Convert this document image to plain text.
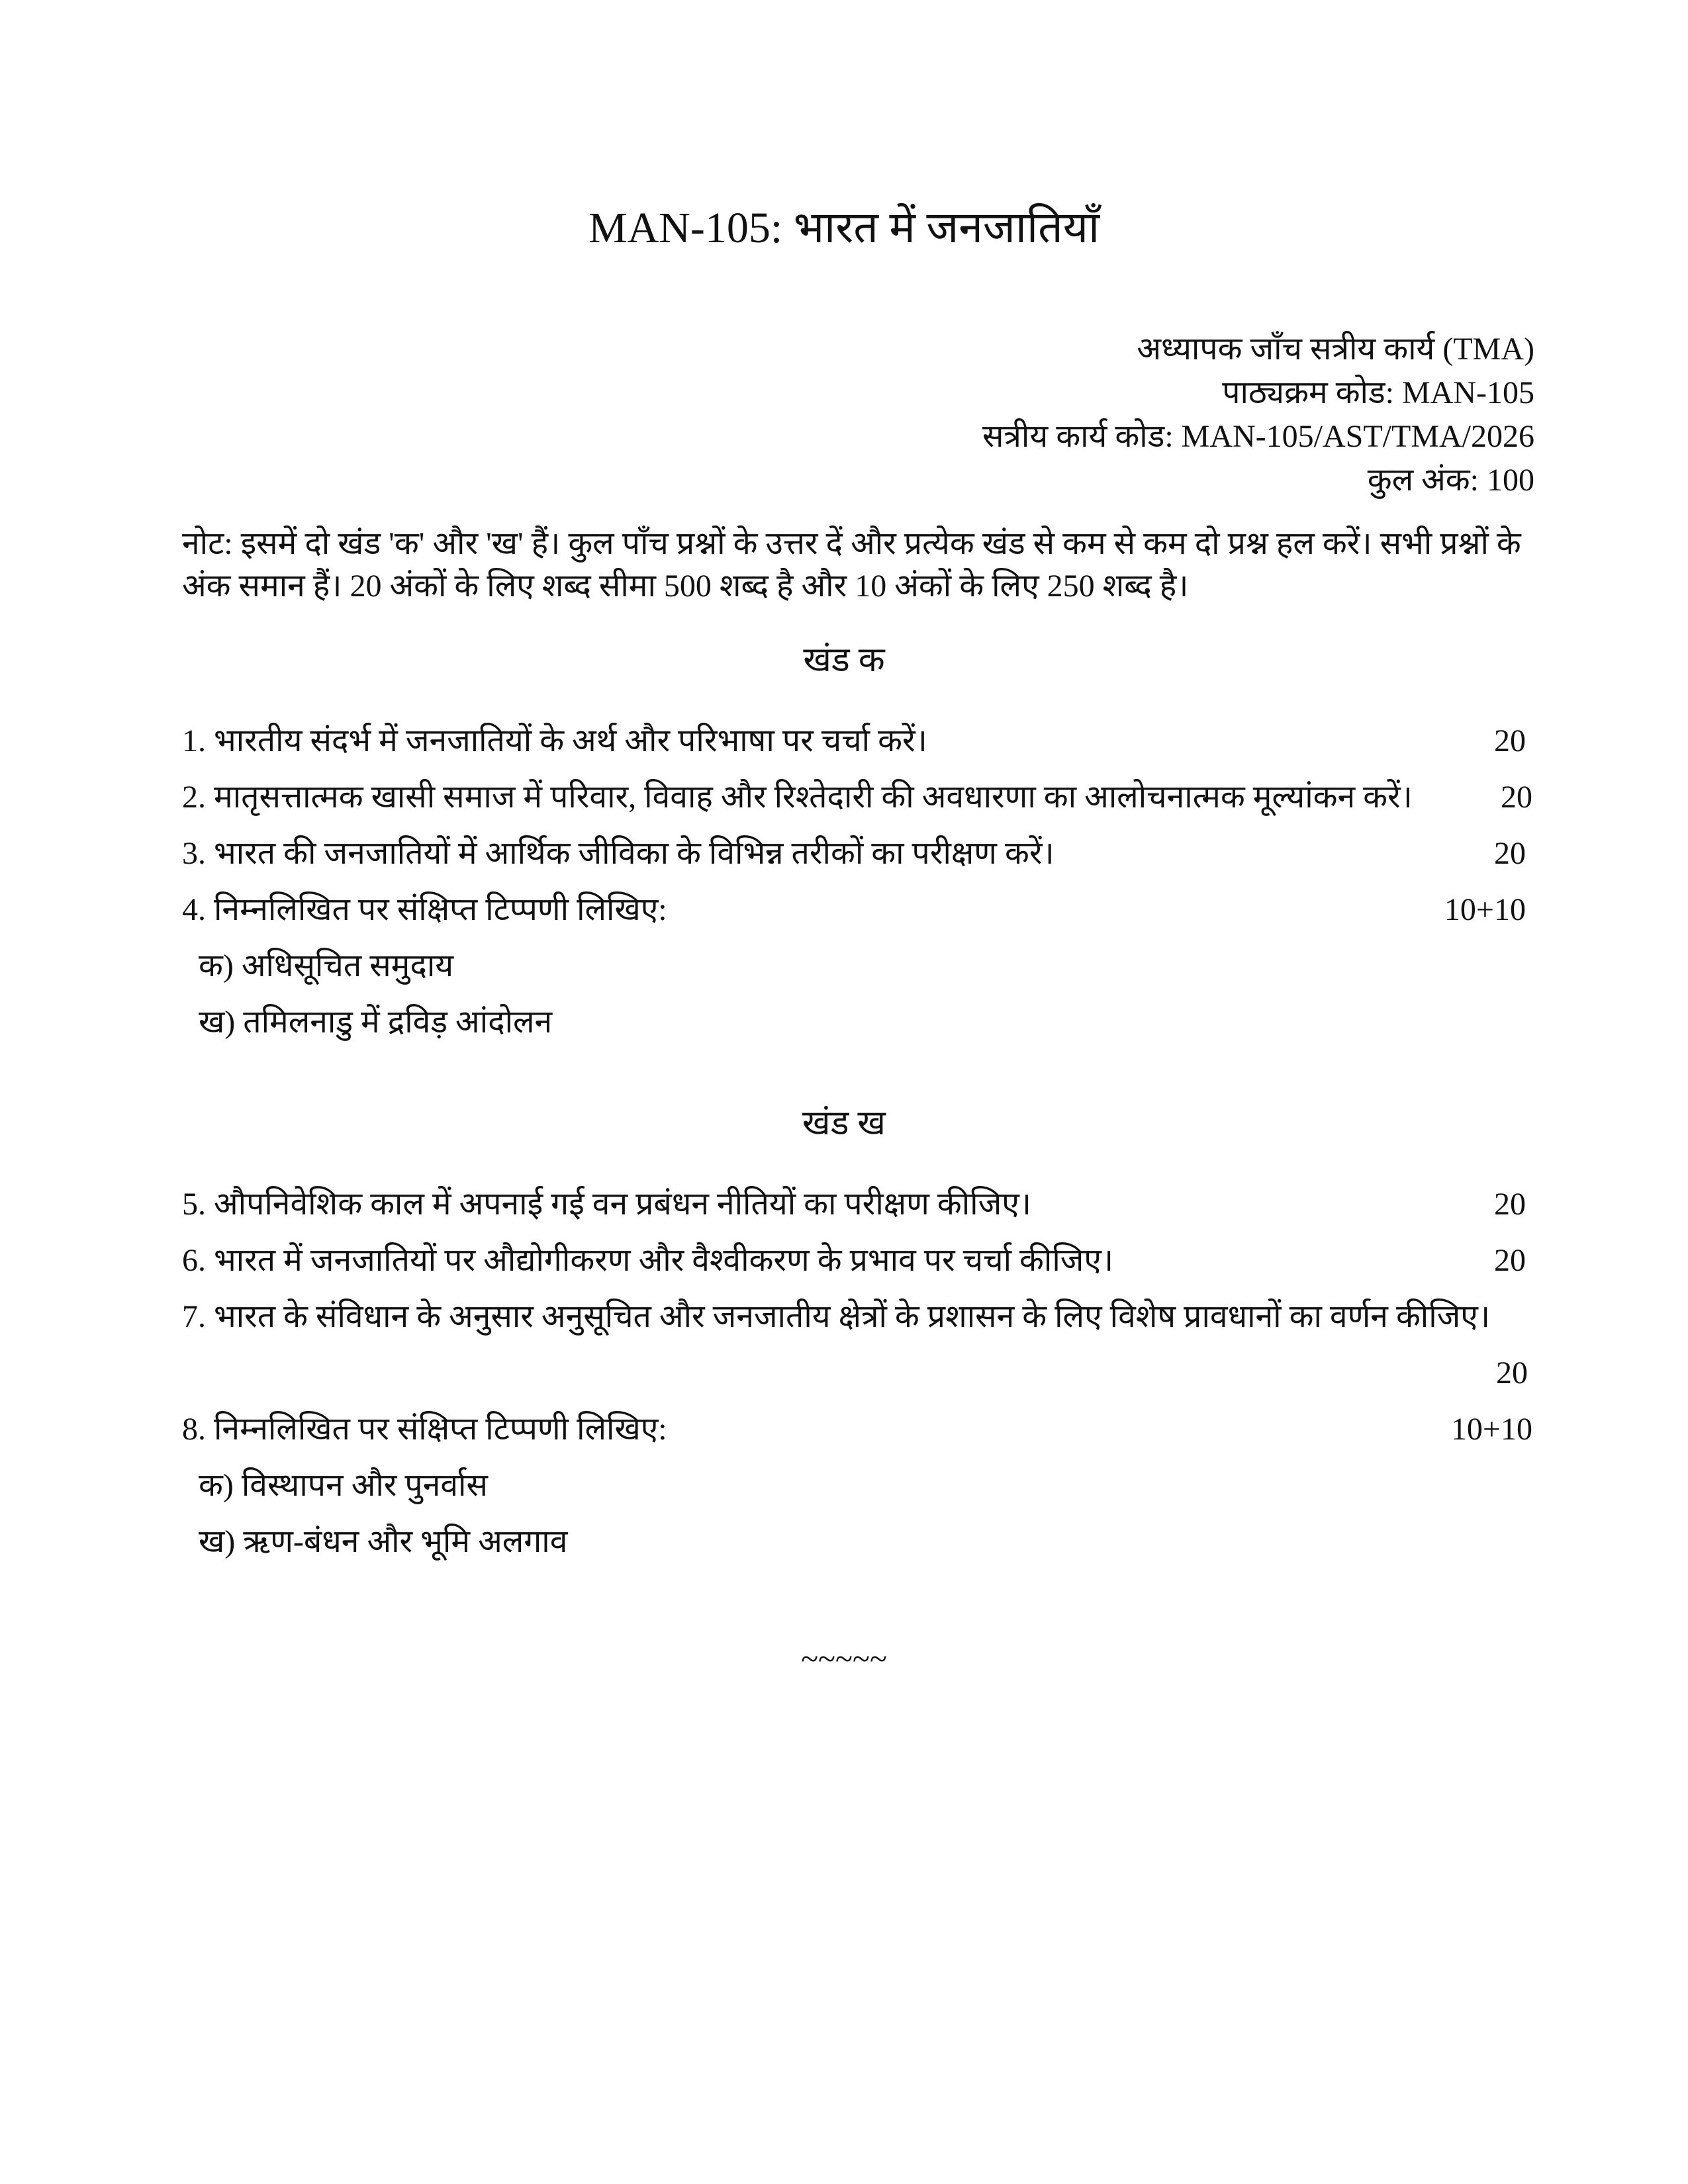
MAN-105: भारत में जनजातियाँ
अध्यापक जाँच सत्रीय कार्य (TMA)
पाठ्यक्रम कोड: MAN-105
सत्रीय कार्य कोड: MAN-105/AST/TMA/2026
कुल अंक: 100
नोट: इसमें दो खंड 'क' और 'ख' हैं। कुल पाँच प्रश्नों के उत्तर दें और प्रत्येक खंड से कम से कम दो प्रश्न हल करें। सभी प्रश्नों के अंक समान हैं। 20 अंकों के लिए शब्द सीमा 500 शब्द है और 10 अंकों के लिए 250 शब्द है।
खंड क
1. भारतीय संदर्भ में जनजातियों के अर्थ और परिभाषा पर चर्चा करें।	20
2. मातृसत्तात्मक खासी समाज में परिवार, विवाह और रिश्तेदारी की अवधारणा का आलोचनात्मक मूल्यांकन करें।	20
3. भारत की जनजातियों में आर्थिक जीविका के विभिन्न तरीकों का परीक्षण करें।	20
4. निम्नलिखित पर संक्षिप्त टिप्पणी लिखिए:	10+10
क) अधिसूचित समुदाय
ख) तमिलनाडु में द्रविड़ आंदोलन
खंड ख
5. औपनिवेशिक काल में अपनाई गई वन प्रबंधन नीतियों का परीक्षण कीजिए।	20
6. भारत में जनजातियों पर औद्योगीकरण और वैश्वीकरण के प्रभाव पर चर्चा कीजिए।	20
7. भारत के संविधान के अनुसार अनुसूचित और जनजातीय क्षेत्रों के प्रशासन के लिए विशेष प्रावधानों का वर्णन कीजिए।
20
8. निम्नलिखित पर संक्षिप्त टिप्पणी लिखिए:	10+10
क) विस्थापन और पुनर्वास
ख) ऋण-बंधन और भूमि अलगाव
~~~~~
